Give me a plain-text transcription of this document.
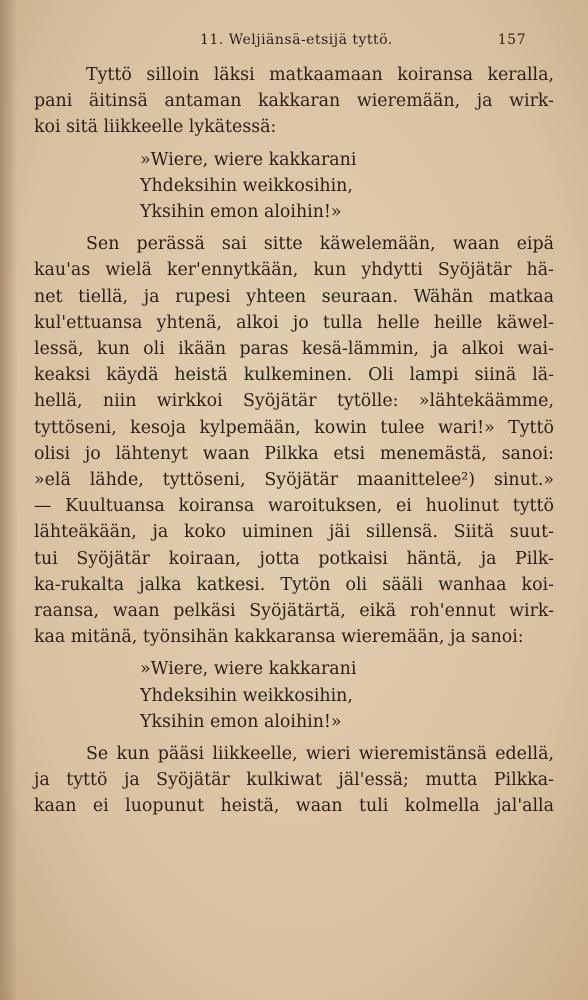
11. Weljiänsä-etsijä tyttö.	157
Tyttö silloin läksi matkaamaan koiransa keralla,
pani äitinsä antaman kakkaran wieremään, ja wirk-
koi sitä liikkeelle lykätessä:
»Wiere, wiere kakkarani
Yhdeksihin weikkosihin,
Yksihin emon aloihin!»
Sen perässä sai sitte käwelemään, waan eipä
kau'as wielä ker'ennytkään, kun yhdytti Syöjätär hä-
net tiellä, ja rupesi yhteen seuraan. Wähän matkaa
kul'ettuansa yhtenä, alkoi jo tulla helle heille käwel-
lessä, kun oli ikään paras kesä-lämmin, ja alkoi wai-
keaksi käydä heistä kulkeminen. Oli lampi siinä lä-
hellä, niin wirkkoi Syöjätär tytölle: »lähtekäämme,
tyttöseni, kesoja kylpemään, kowin tulee wari!» Tyttö
olisi jo lähtenyt waan Pilkka etsi menemästä, sanoi:
»elä lähde, tyttöseni, Syöjätär maanittelee²) sinut.»
— Kuultuansa koiransa waroituksen, ei huolinut tyttö
lähteäkään, ja koko uiminen jäi sillensä. Siitä suut-
tui Syöjätär koiraan, jotta potkaisi häntä, ja Pilk-
ka-rukalta jalka katkesi. Tytön oli sääli wanhaa koi-
raansa, waan pelkäsi Syöjätärtä, eikä roh'ennut wirk-
kaa mitänä, työnsihän kakkaransa wieremään, ja sanoi:
»Wiere, wiere kakkarani
Yhdeksihin weikkosihin,
Yksihin emon aloihin!»
Se kun pääsi liikkeelle, wieri wieremistänsä edellä,
ja tyttö ja Syöjätär kulkiwat jäl'essä; mutta Pilkka-
kaan ei luopunut heistä, waan tuli kolmella jal'alla
